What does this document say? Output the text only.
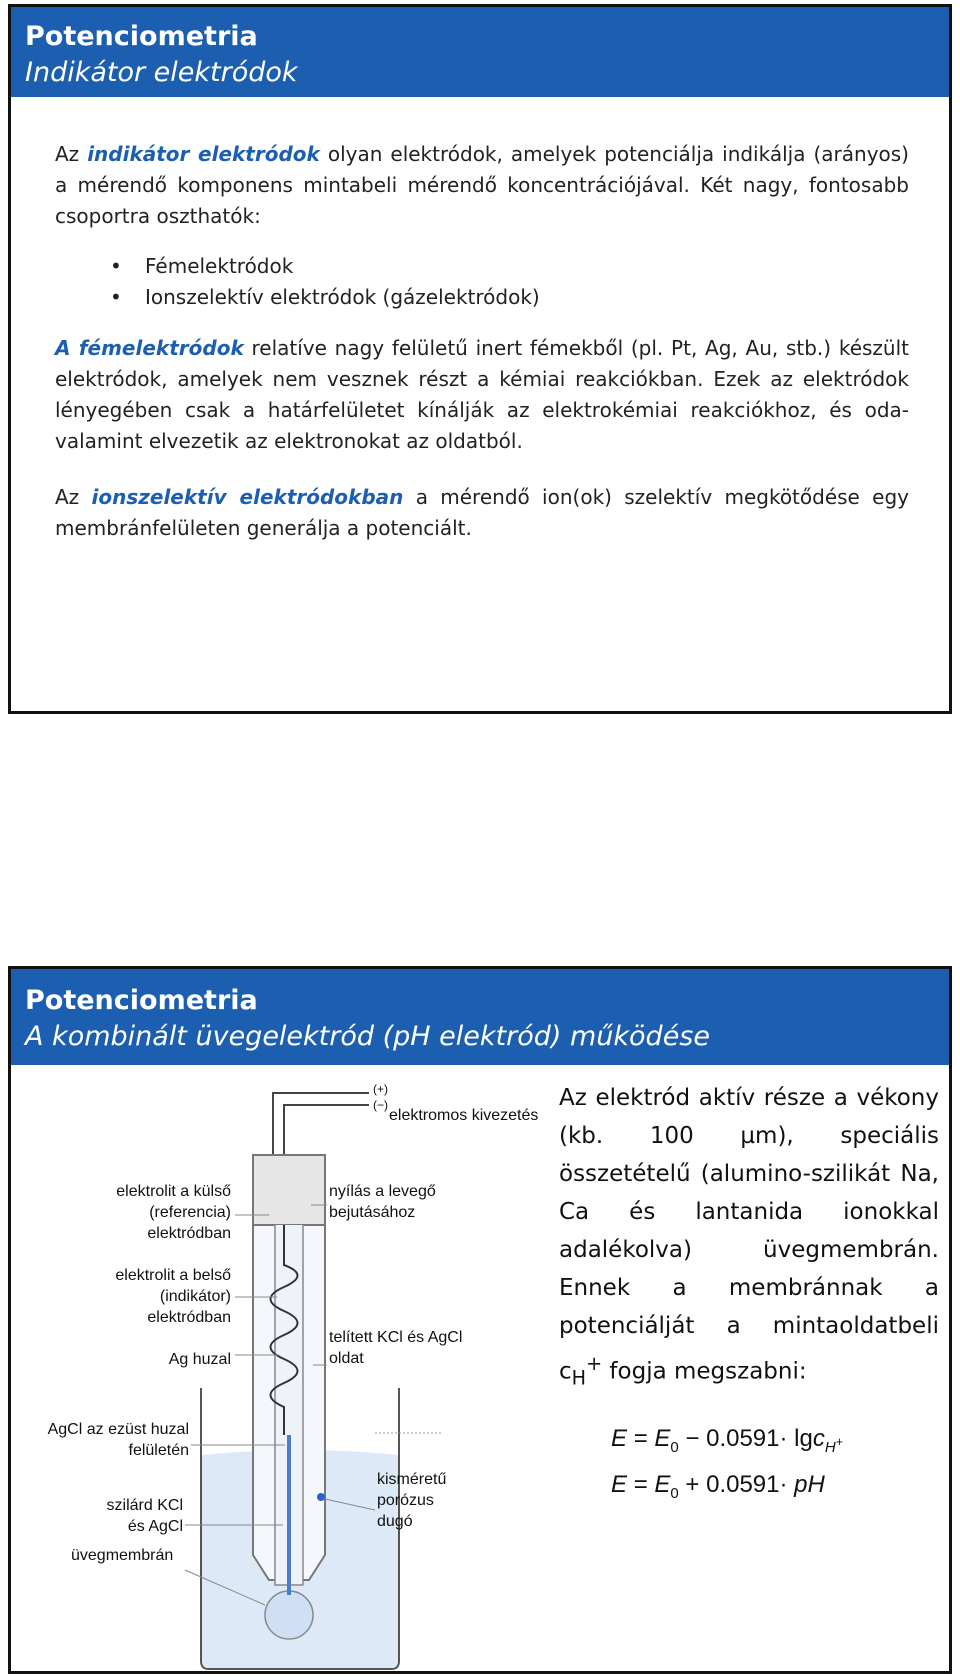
Potenciometria
Indikátor elektródok

Az indikátor elektródok olyan elektródok, amelyek potenciálja indikálja (arányos) a mérendő komponens mintabeli mérendő koncentrációjával. Két nagy, fontosabb csoportra oszthatók:

• Fémelektródok
• Ionszelektív elektródok (gázelektródok)

A fémelektródok relatíve nagy felületű inert fémekből (pl. Pt, Ag, Au, stb.) készült elektródok, amelyek nem vesznek részt a kémiai reakciókban. Ezek az elektródok lényegében csak a határfelületet kínálják az elektrokémiai reakciókhoz, és oda- valamint elvezetik az elektronokat az oldatból.

Az ionszelektív elektródokban a mérendő ion(ok) szelektív megkötődése egy membránfelületen generálja a potenciált.

Potenciometria
A kombinált üvegelektród (pH elektród) működése
(+)
(−)
elektromos kivezetés
elektrolit a külső
(referencia)
elektródban
elektrolit a belső
(indikátor)
elektródban
Ag huzal
AgCl az ezüst huzal
felületén
szilárd KCl
és AgCl
üvegmembrán
nyílás a levegő
bejutásához
telített KCl és AgCl
oldat
kisméretű
porózus
dugó
Az elektród aktív része a vékony (kb. 100 µm), speciális összetételű (alumino-szilikát Na, Ca és lantanida ionokkal adalékolva) üvegmembrán. Ennek a membránnak a potenciálját a mintaoldatbeli $c_H^+$ fogja megszabni:
$E = E_0 - 0.0591\cdot \lg c_{H^+}$
$E = E_0 + 0.0591\cdot$ pH
